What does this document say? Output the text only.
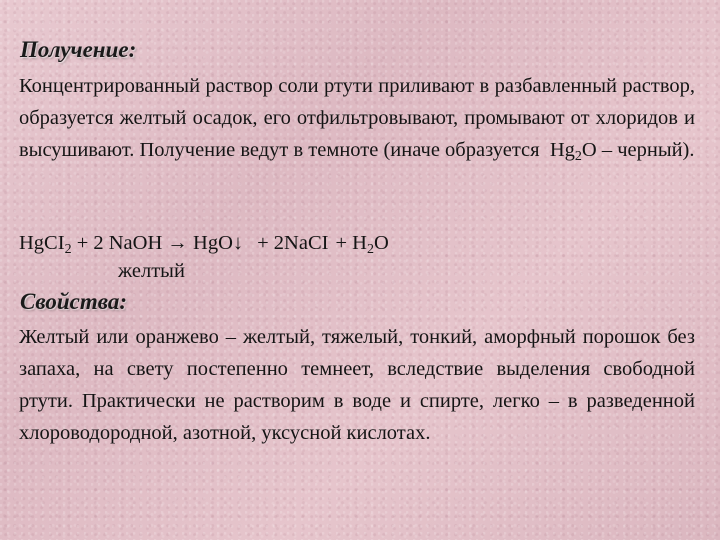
Получение:

Концентрированный раствор соли ртути приливают в разбавленный раствор, образуется желтый осадок, его отфильтровывают, промывают от хлоридов и высушивают. Получение ведут в темноте (иначе образуется $Hg_2O$ – черный).

HgCI$_2$ + 2 NaOH → HgO↓ + 2NaCI + $H_2O$
желтый
Свойства:

Желтый или оранжево – желтый, тяжелый, тонкий, аморфный порошок без запаха, на свету постепенно темнеет, вследствие выделения свободной ртути. Практически не растворим в воде и спирте, легко – в разведенной хлороводородной, азотной, уксусной кислотах.
